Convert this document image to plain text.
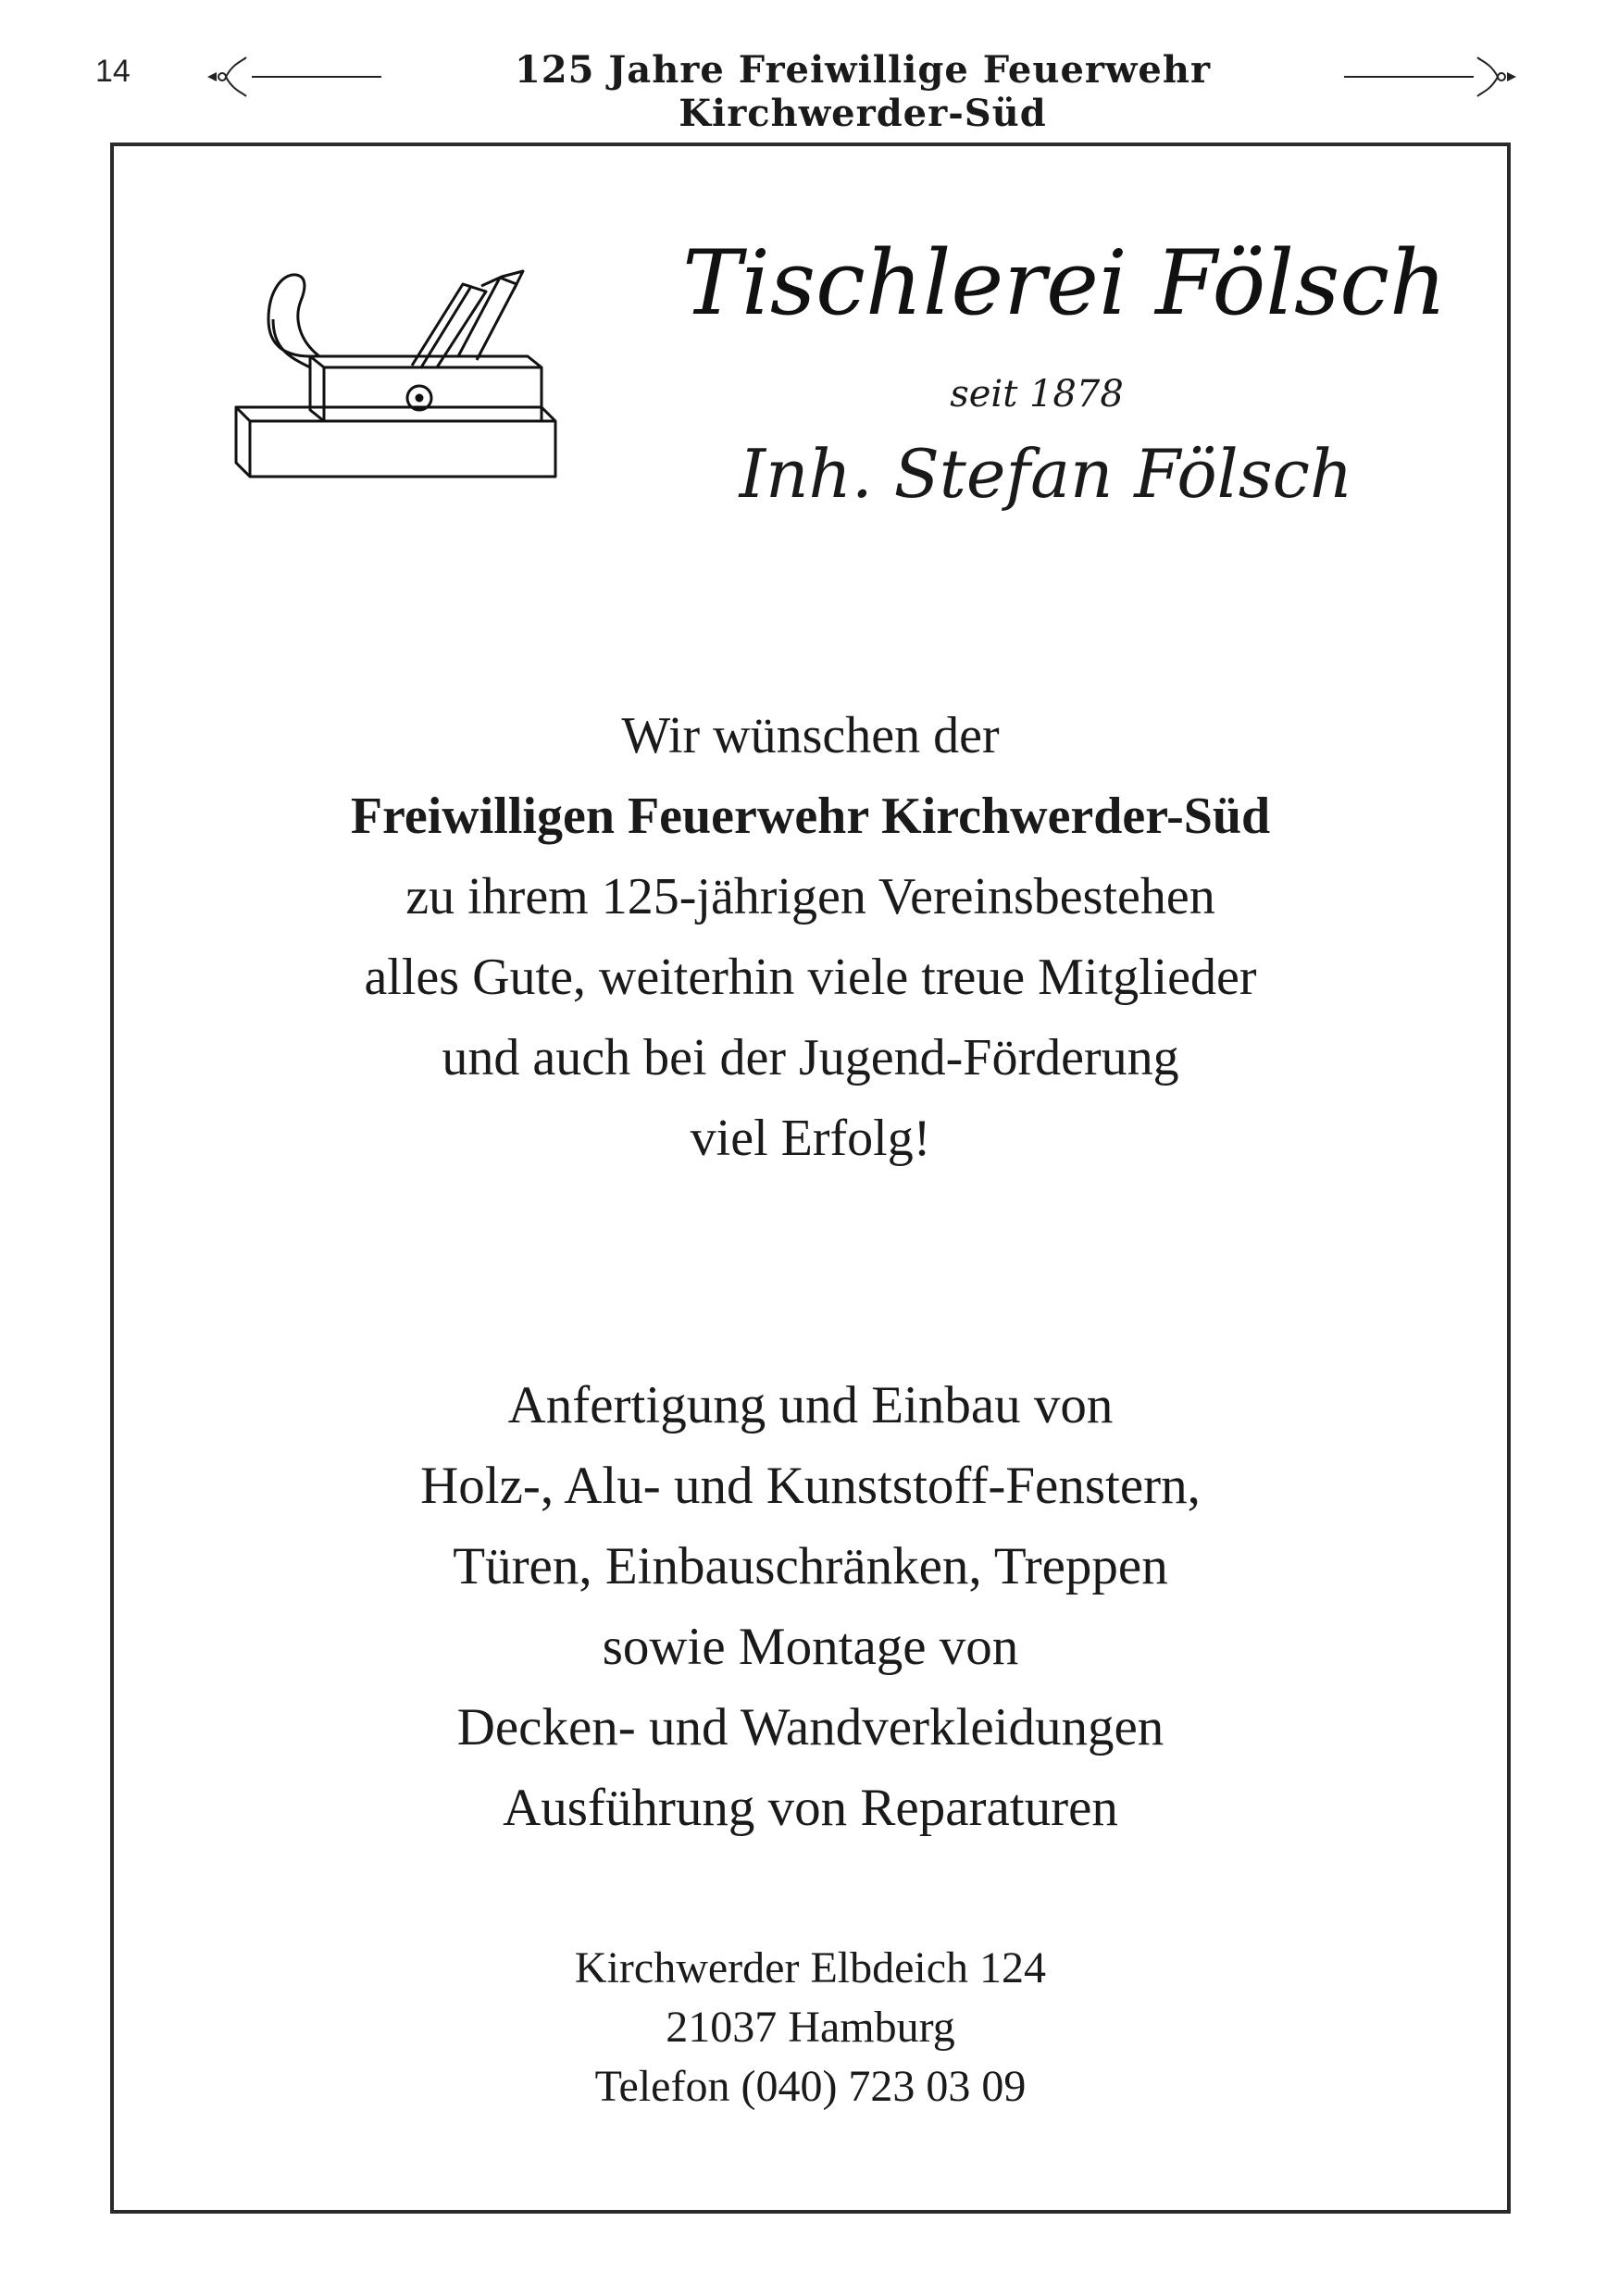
14	125 Jahre Freiwillige Feuerwehr Kirchwerder-Süd
Tischlerei Fölsch
seit 1878
Inh. Stefan Fölsch
Wir wünschen der
Freiwilligen Feuerwehr Kirchwerder-Süd
zu ihrem 125-jährigen Vereinsbestehen
alles Gute, weiterhin viele treue Mitglieder
und auch bei der Jugend-Förderung
viel Erfolg!
Anfertigung und Einbau von
Holz-, Alu- und Kunststoff-Fenstern,
Türen, Einbauschränken, Treppen
sowie Montage von
Decken- und Wandverkleidungen
Ausführung von Reparaturen
Kirchwerder Elbdeich 124
21037 Hamburg
Telefon (040) 723 03 09
